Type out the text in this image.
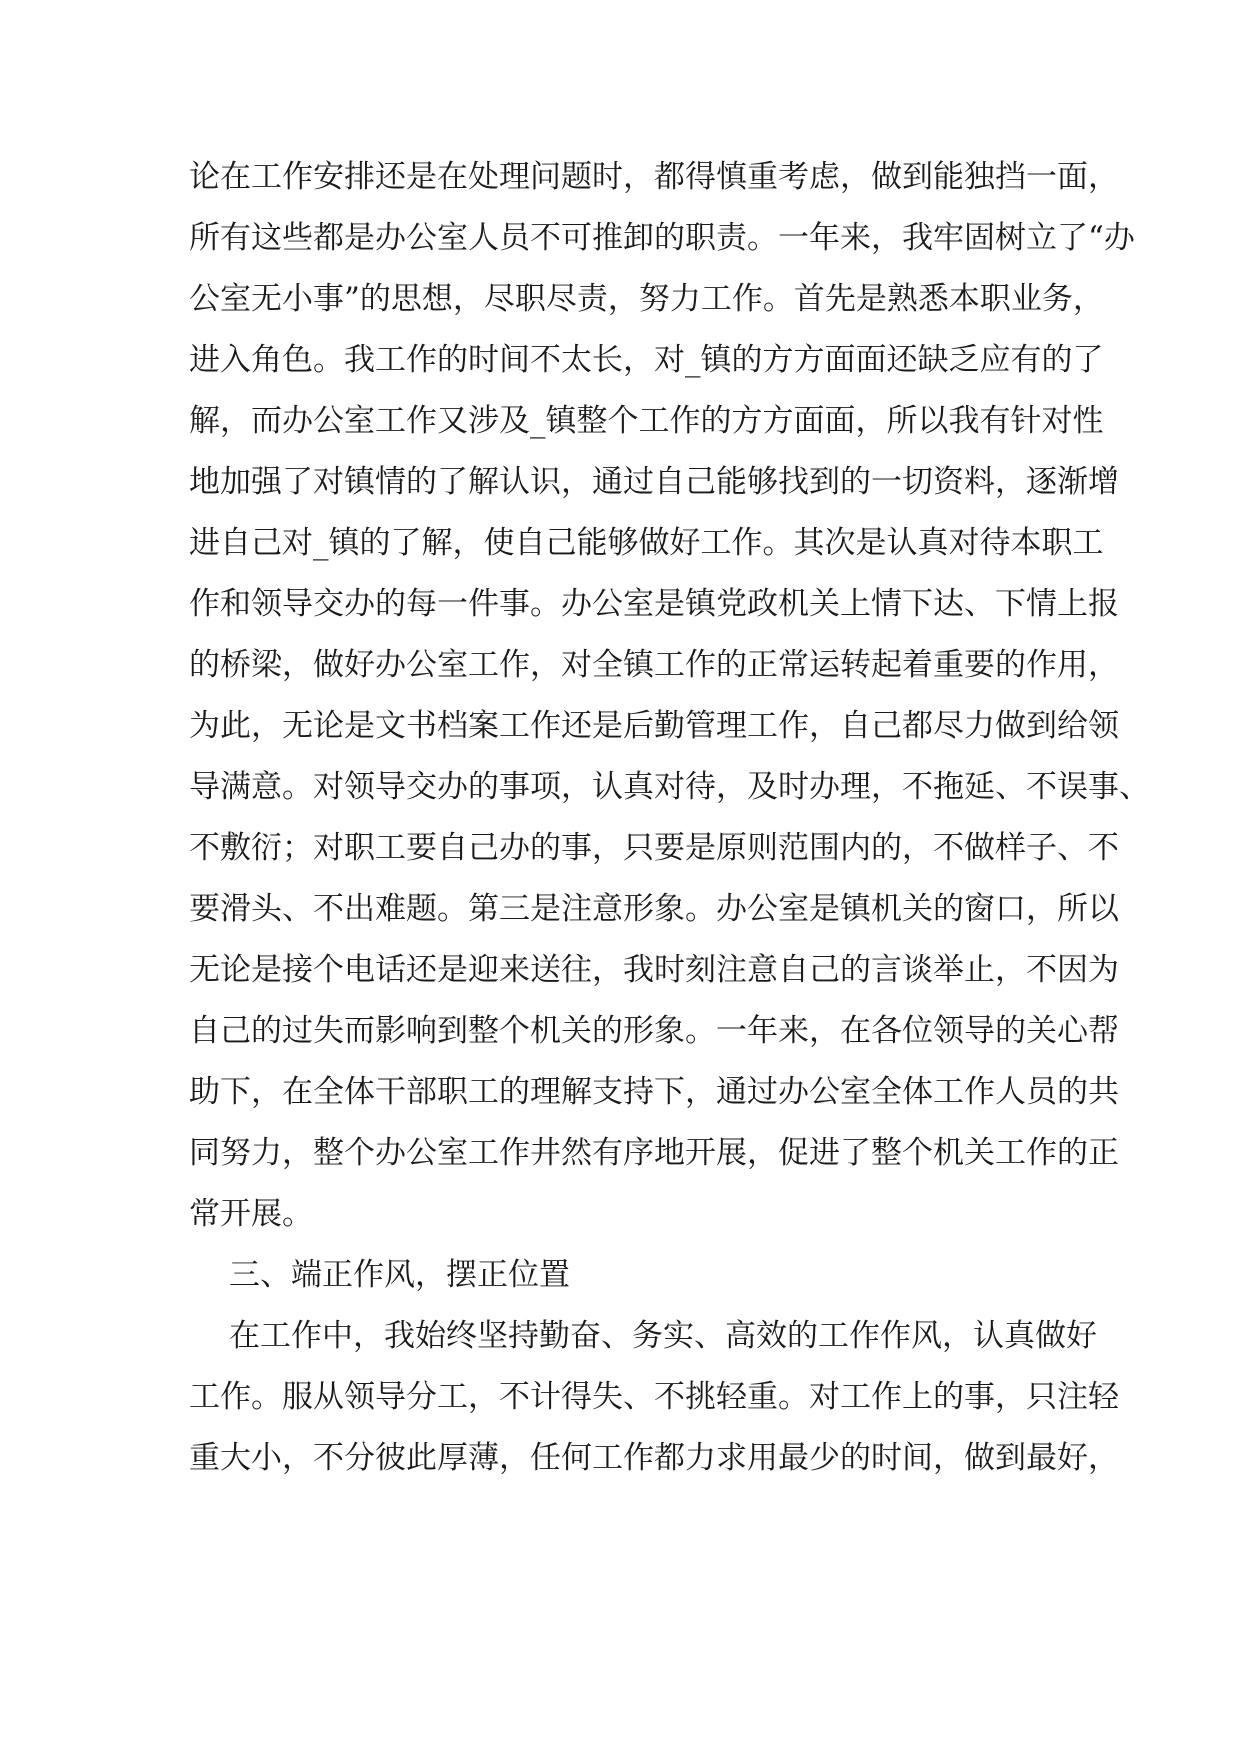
论在工作安排还是在处理问题时，都得慎重考虑，做到能独挡一面，
所有这些都是办公室人员不可推卸的职责。一年来，我牢固树立了“办
公室无小事”的思想，尽职尽责，努力工作。首先是熟悉本职业务，
进入角色。我工作的时间不太长，对_镇的方方面面还缺乏应有的了
解，而办公室工作又涉及_镇整个工作的方方面面，所以我有针对性
地加强了对镇情的了解认识，通过自己能够找到的一切资料，逐渐增
进自己对_镇的了解，使自己能够做好工作。其次是认真对待本职工
作和领导交办的每一件事。办公室是镇党政机关上情下达、下情上报
的桥梁，做好办公室工作，对全镇工作的正常运转起着重要的作用，
为此，无论是文书档案工作还是后勤管理工作，自己都尽力做到给领
导满意。对领导交办的事项，认真对待，及时办理，不拖延、不误事、
不敷衍；对职工要自己办的事，只要是原则范围内的，不做样子、不
要滑头、不出难题。第三是注意形象。办公室是镇机关的窗口，所以
无论是接个电话还是迎来送往，我时刻注意自己的言谈举止，不因为
自己的过失而影响到整个机关的形象。一年来，在各位领导的关心帮
助下，在全体干部职工的理解支持下，通过办公室全体工作人员的共
同努力，整个办公室工作井然有序地开展，促进了整个机关工作的正
常开展。
三、端正作风，摆正位置
在工作中，我始终坚持勤奋、务实、高效的工作作风，认真做好
工作。服从领导分工，不计得失、不挑轻重。对工作上的事，只注轻
重大小，不分彼此厚薄，任何工作都力求用最少的时间，做到最好，
